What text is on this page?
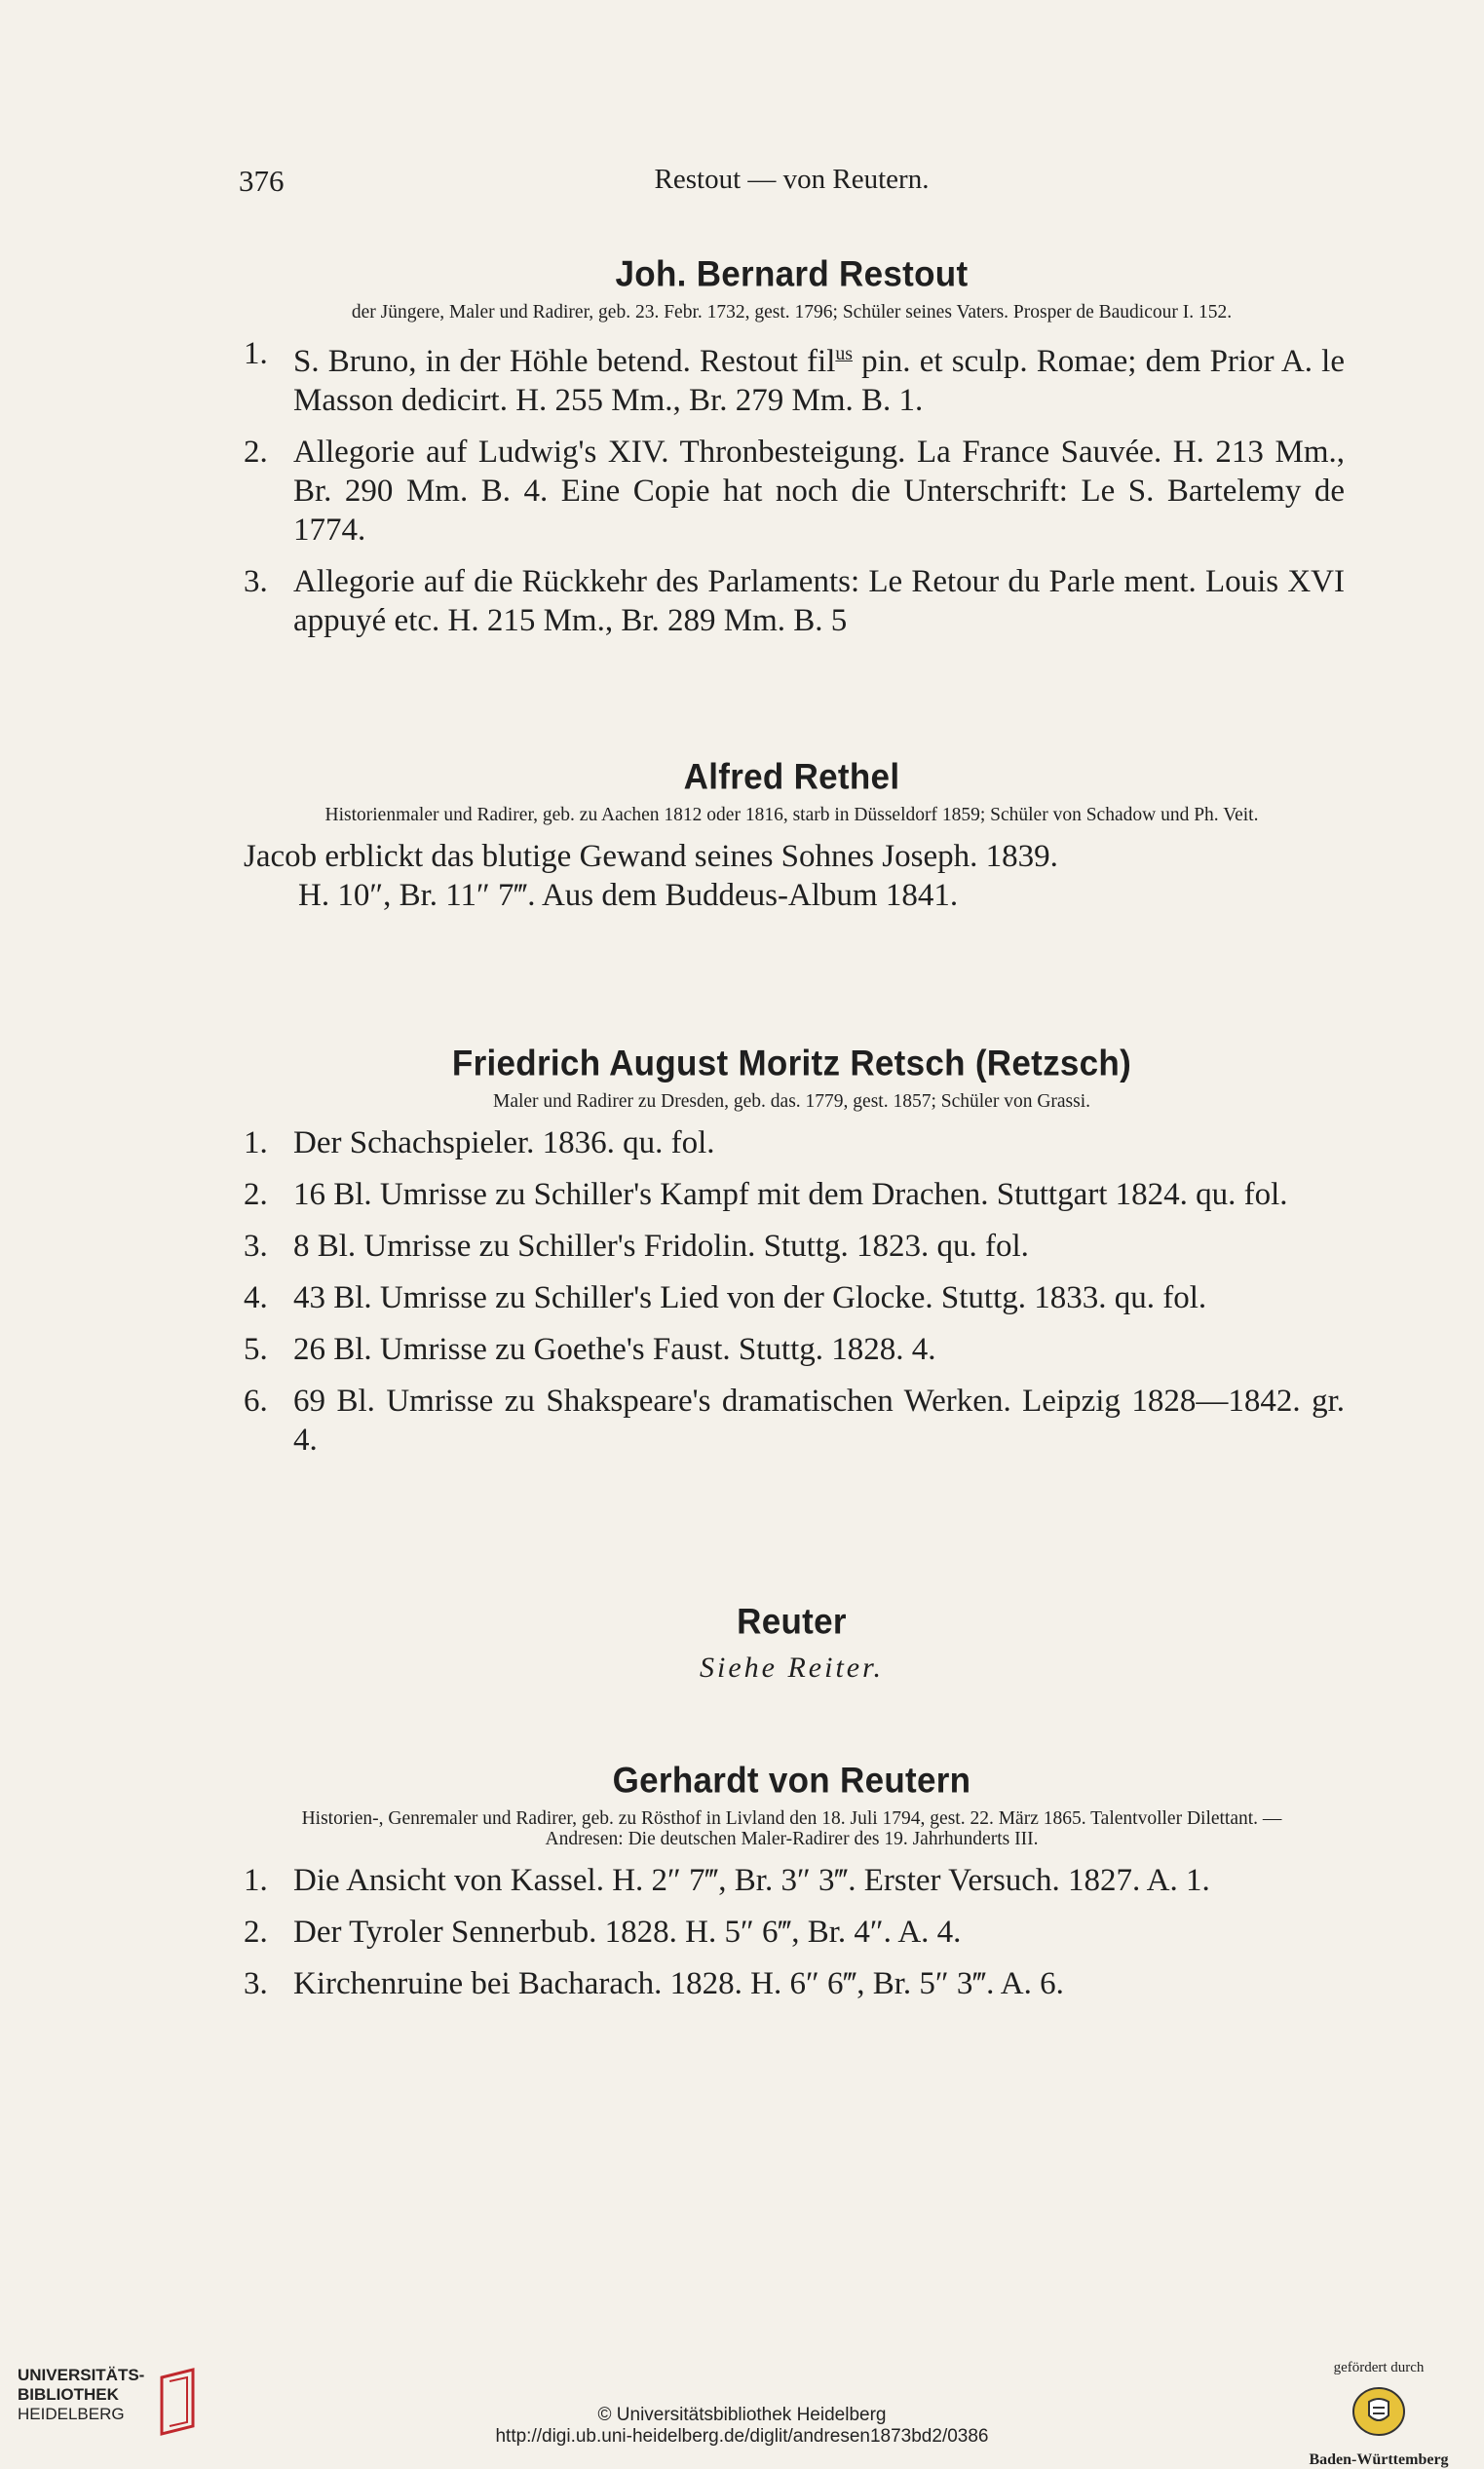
376	Restout — von Reutern.
Joh. Bernard Restout
der Jüngere, Maler und Radirer, geb. 23. Febr. 1732, gest. 1796; Schüler seines Vaters. Prosper de Baudicour I. 152.
1. S. Bruno, in der Höhle betend. Restout fil$^{us}$ pin. et sculp. Romae; dem Prior A. le Masson dedicirt. H. 255 Mm., Br. 279 Mm. B. 1.
2. Allegorie auf Ludwig's XIV. Thronbesteigung. La France Sauvée. H. 213 Mm., Br. 290 Mm. B. 4. Eine Copie hat noch die Unterschrift: Le S. Bartelemy de 1774.
3. Allegorie auf die Rückkehr des Parlaments: Le Retour du Parle ment. Louis XVI appuyé etc. H. 215 Mm., Br. 289 Mm. B. 5
Alfred Rethel
Historienmaler und Radirer, geb. zu Aachen 1812 oder 1816, starb in Düsseldorf 1859; Schüler von Schadow und Ph. Veit.
Jacob erblickt das blutige Gewand seines Sohnes Joseph. 1839.
H. 10″, Br. 11″ 7‴. Aus dem Buddeus-Album 1841.
Friedrich August Moritz Retsch (Retzsch)
Maler und Radirer zu Dresden, geb. das. 1779, gest. 1857; Schüler von Grassi.
1. Der Schachspieler. 1836. qu. fol.
2. 16 Bl. Umrisse zu Schiller's Kampf mit dem Drachen. Stuttgart 1824. qu. fol.
3. 8 Bl. Umrisse zu Schiller's Fridolin. Stuttg. 1823. qu. fol.
4. 43 Bl. Umrisse zu Schiller's Lied von der Glocke. Stuttg. 1833. qu. fol.
5. 26 Bl. Umrisse zu Goethe's Faust. Stuttg. 1828. 4.
6. 69 Bl. Umrisse zu Shakspeare's dramatischen Werken. Leipzig 1828—1842. gr. 4.
Reuter
Siehe Reiter.
Gerhardt von Reutern
Historien-, Genremaler und Radirer, geb. zu Rösthof in Livland den 18. Juli 1794, gest. 22. März 1865. Talentvoller Dilettant. — Andresen: Die deutschen Maler-Radirer des 19. Jahrhunderts III.
1. Die Ansicht von Kassel. H. 2″ 7‴, Br. 3″ 3‴. Erster Versuch. 1827. A. 1.
2. Der Tyroler Sennerbub. 1828. H. 5″ 6‴, Br. 4″. A. 4.
3. Kirchenruine bei Bacharach. 1828. H. 6″ 6‴, Br. 5″ 3‴. A. 6.
UNIVERSITÄTS-
BIBLIOTHEK
HEIDELBERG	© Universitätsbibliothek Heidelberg
http://digi.ub.uni-heidelberg.de/diglit/andresen1873bd2/0386
gefördert durch
Baden-Württemberg
